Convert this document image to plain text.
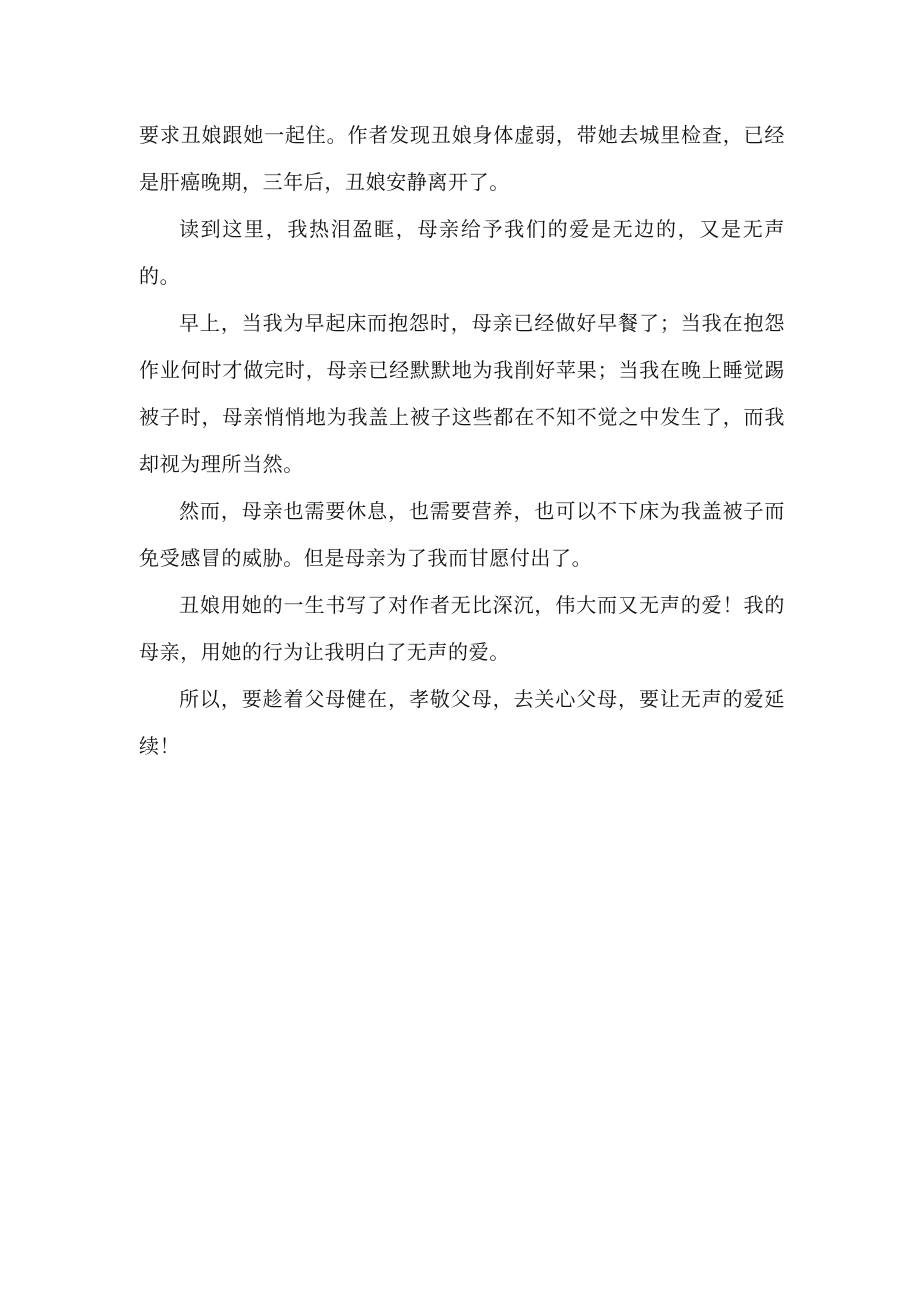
要求丑娘跟她一起住。作者发现丑娘身体虚弱，带她去城里检查，已经是肝癌晚期，三年后，丑娘安静离开了。

读到这里，我热泪盈眶，母亲给予我们的爱是无边的，又是无声的。

早上，当我为早起床而抱怨时，母亲已经做好早餐了；当我在抱怨作业何时才做完时，母亲已经默默地为我削好苹果；当我在晚上睡觉踢被子时，母亲悄悄地为我盖上被子这些都在不知不觉之中发生了，而我却视为理所当然。

然而，母亲也需要休息，也需要营养，也可以不下床为我盖被子而免受感冒的威胁。但是母亲为了我而甘愿付出了。

丑娘用她的一生书写了对作者无比深沉，伟大而又无声的爱！我的母亲，用她的行为让我明白了无声的爱。

所以，要趁着父母健在，孝敬父母，去关心父母，要让无声的爱延续！
